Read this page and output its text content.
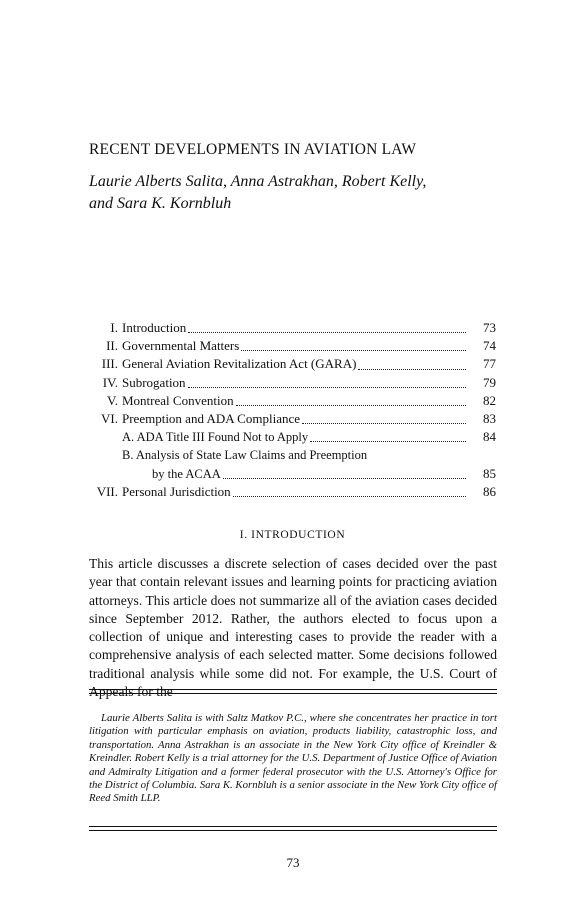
RECENT DEVELOPMENTS IN AVIATION LAW
Laurie Alberts Salita, Anna Astrakhan, Robert Kelly,
and Sara K. Kornbluh
I. Introduction	73
II. Governmental Matters	74
III. General Aviation Revitalization Act (GARA)	77
IV. Subrogation	79
V. Montreal Convention	82
VI. Preemption and ADA Compliance	83
A. ADA Title III Found Not to Apply	84
B. Analysis of State Law Claims and Preemption
by the ACAA	85
VII. Personal Jurisdiction	86
I. INTRODUCTION
This article discusses a discrete selection of cases decided over the past year that contain relevant issues and learning points for practicing aviation attorneys. This article does not summarize all of the aviation cases decided since September 2012. Rather, the authors elected to focus upon a collection of unique and interesting cases to provide the reader with a comprehensive analysis of each selected matter. Some decisions followed traditional analysis while some did not. For example, the U.S. Court of Appeals for the
Laurie Alberts Salita is with Saltz Matkov P.C., where she concentrates her practice in tort litigation with particular emphasis on aviation, products liability, catastrophic loss, and transportation. Anna Astrakhan is an associate in the New York City office of Kreindler & Kreindler. Robert Kelly is a trial attorney for the U.S. Department of Justice Office of Aviation and Admiralty Litigation and a former federal prosecutor with the U.S. Attorney's Office for the District of Columbia. Sara K. Kornbluh is a senior associate in the New York City office of Reed Smith LLP.
73
